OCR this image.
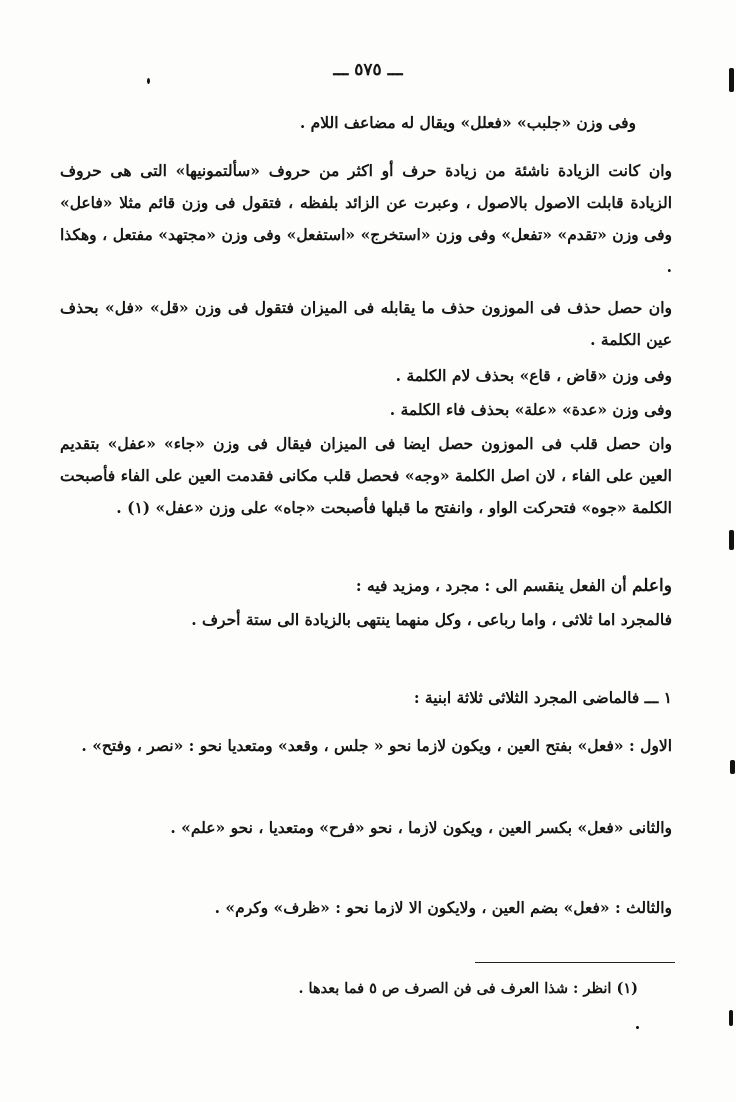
ـــ ٥٧٥ ـــ
وفى وزن «جلبب» «فعلل» ويقال له مضاعف اللام .
وان كانت الزيادة ناشئة من زيادة حرف أو اكثر من حروف «سألتمونيها» التى هى حروف الزيادة قابلت الاصول بالاصول ، وعبرت عن الزائد بلفظه ، فتقول فى وزن قائم مثلا «فاعل» وفى وزن «تقدم» «تفعل» وفى وزن «استخرج» «استفعل» وفى وزن «مجتهد» مفتعل ، وهكذا .
وان حصل حذف فى الموزون حذف ما يقابله فى الميزان فتقول فى وزن «قل» «فل» بحذف عين الكلمة .
وفى وزن «قاض ، قاع» بحذف لام الكلمة .
وفى وزن «عدة» «علة» بحذف فاء الكلمة .
وان حصل قلب فى الموزون حصل ايضا فى الميزان فيقال فى وزن «جاء» «عفل» بتقديم العين على الفاء ، لان اصل الكلمة «وجه» فحصل قلب مكانى فقدمت العين على الفاء فأصبحت الكلمة «جوه» فتحركت الواو ، وانفتح ما قبلها فأصبحت «جاه» على وزن «عفل» (١) .
واعلم أن الفعل ينقسم الى : مجرد ، ومزيد فيه :
فالمجرد اما ثلاثى ، واما رباعى ، وكل منهما ينتهى بالزيادة الى ستة أحرف .
١ ـــ فالماضى المجرد الثلاثى ثلاثة ابنية :
الاول : «فعل» بفتح العين ، ويكون لازما نحو « جلس ، وقعد» ومتعديا نحو : «نصر ، وفتح» .
والثانى «فعل» بكسر العين ، ويكون لازما ، نحو «فرح» ومتعديا ، نحو «علم» .
والثالث : «فعل» بضم العين ، ولايكون الا لازما نحو : «ظرف» وكرم» .
(١) انظر : شذا العرف فى فن الصرف ص ٥ فما بعدها .
